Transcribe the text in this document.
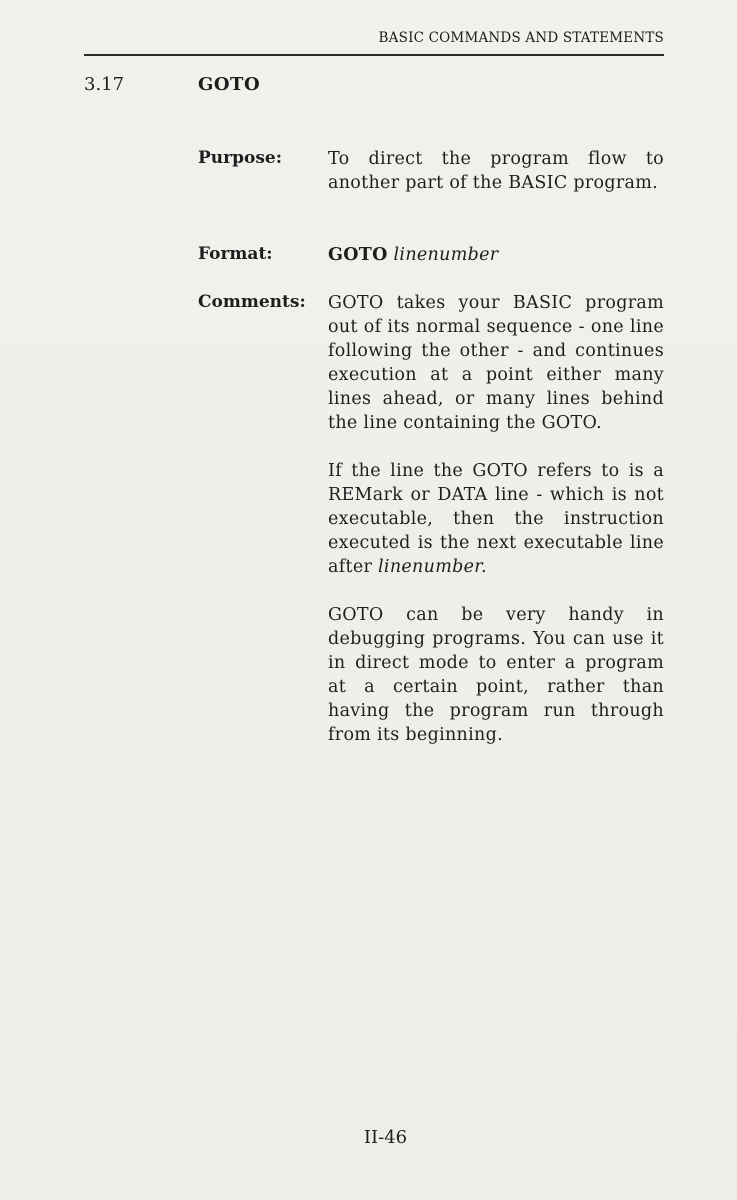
BASIC COMMANDS AND STATEMENTS
3.17	GOTO
Purpose:	To direct the program flow to another part of the BASIC program.

Format:	GOTO linenumber

Comments: GOTO takes your BASIC program out of its normal sequence - one line following the other - and continues execution at a point either many lines ahead, or many lines behind the line containing the GOTO.

If the line the GOTO refers to is a REMark or DATA line - which is not executable, then the instruction executed is the next executable line after linenumber.

GOTO can be very handy in debugging programs. You can use it in direct mode to enter a program at a certain point, rather than having the program run through from its beginning.

II-46
